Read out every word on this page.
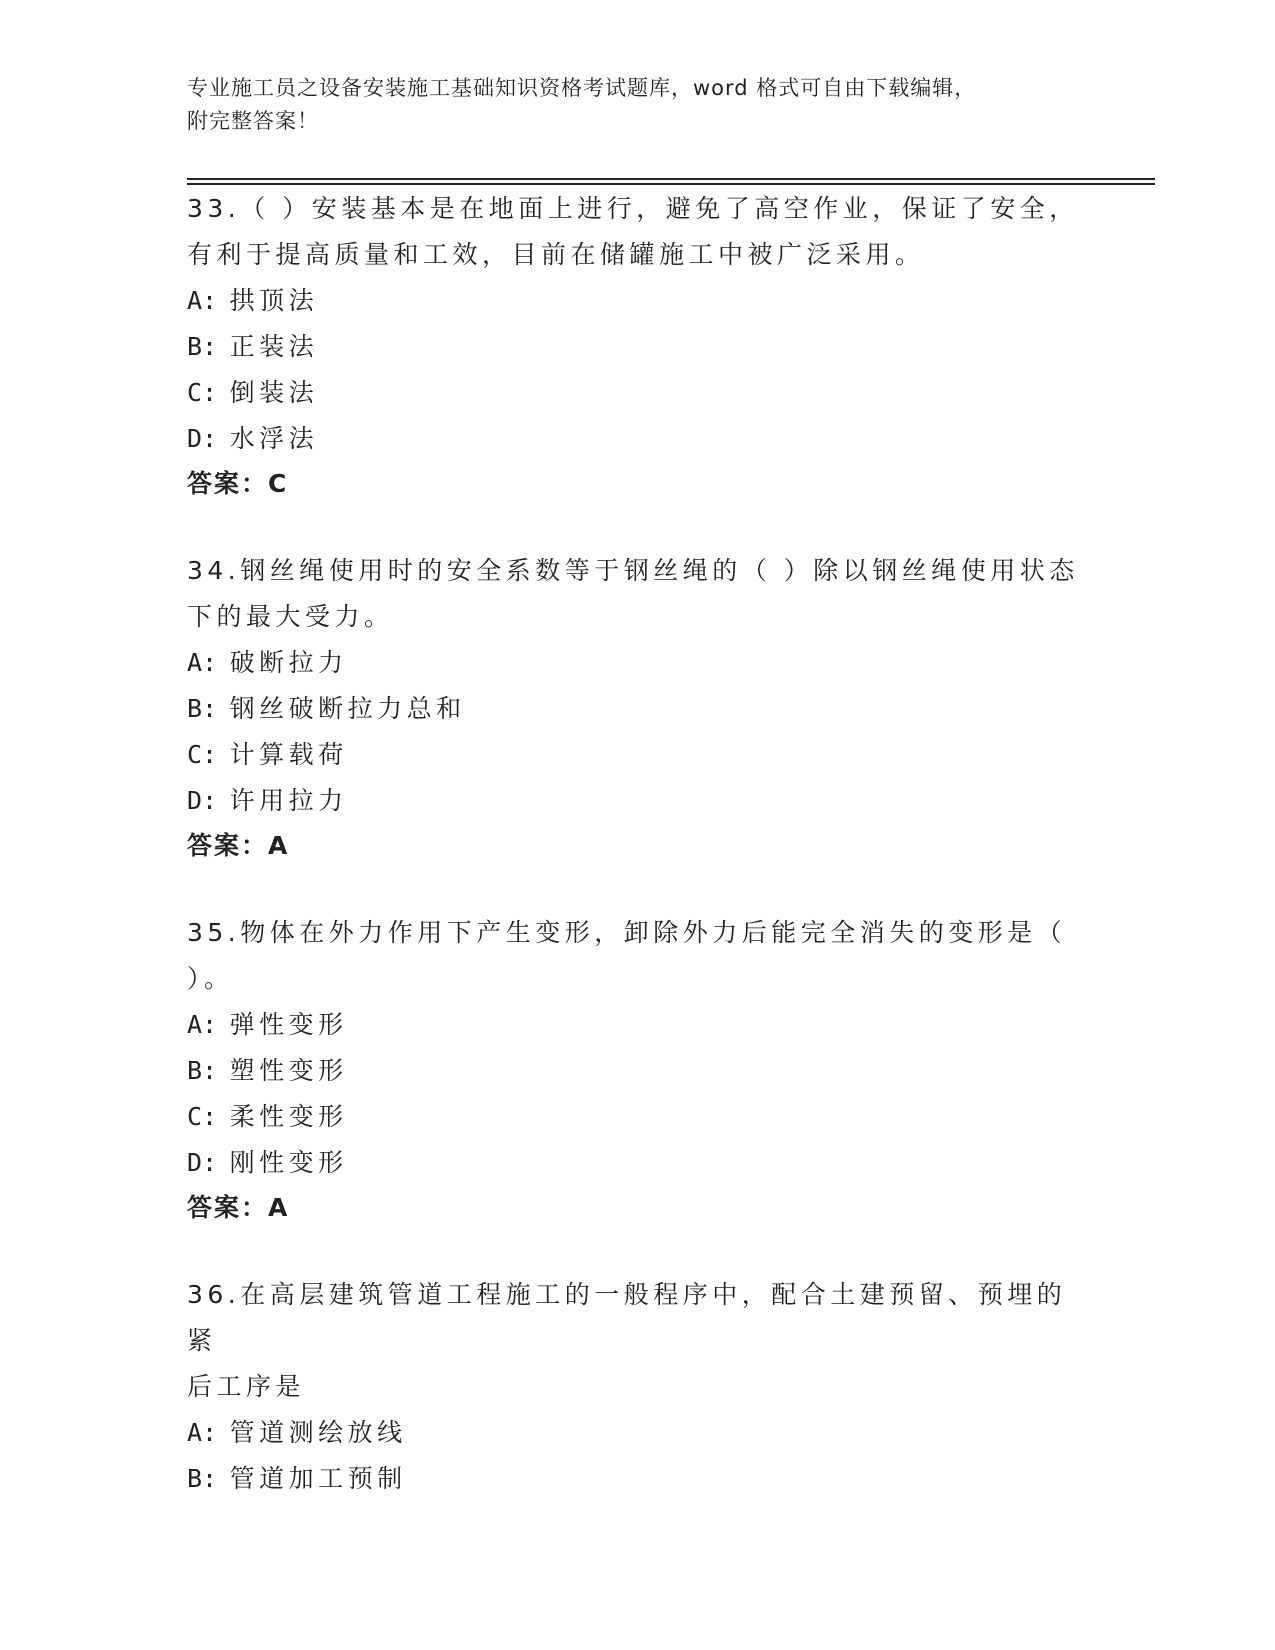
专业施工员之设备安装施工基础知识资格考试题库，word 格式可自由下载编辑，
附完整答案！

33.（ ）安装基本是在地面上进行，避免了高空作业，保证了安全，

有利于提高质量和工效，目前在储罐施工中被广泛采用。

A: 拱顶法
B: 正装法
C: 倒装法
D: 水浮法
答案：C

34.钢丝绳使用时的安全系数等于钢丝绳的（ ）除以钢丝绳使用状态

下的最大受力。

A: 破断拉力
B: 钢丝破断拉力总和
C: 计算载荷
D: 许用拉力
答案：A

35.物体在外力作用下产生变形，卸除外力后能完全消失的变形是（

）。

A: 弹性变形
B: 塑性变形
C: 柔性变形
D: 刚性变形
答案：A

36.在高层建筑管道工程施工的一般程序中，配合土建预留、预埋的紧

后工序是

A: 管道测绘放线
B: 管道加工预制
